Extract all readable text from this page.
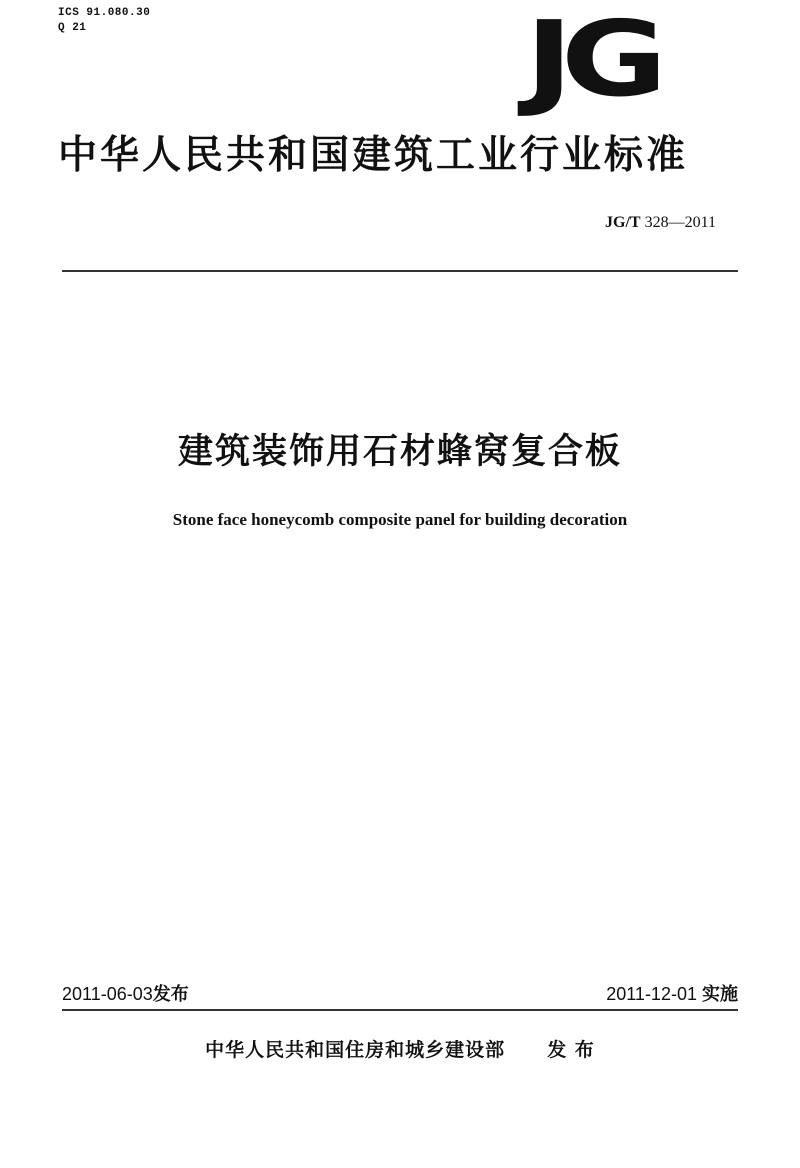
ICS 91.080.30
Q 21	JG
中华人民共和国建筑工业行业标准
JG/T 328—2011
建筑装饰用石材蜂窝复合板
Stone face honeycomb composite panel for building decoration
2011-06-03发布	2011-12-01 实施
中华人民共和国住房和城乡建设部 发 布
